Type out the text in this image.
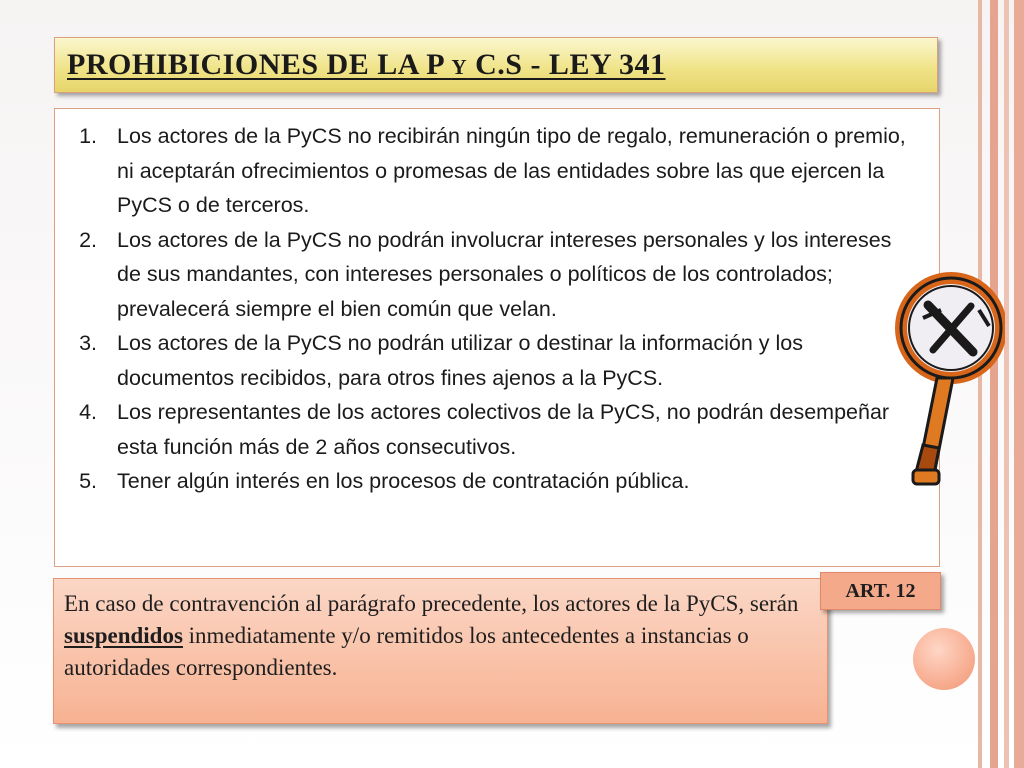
PROHIBICIONES DE LA P Y C.S - LEY 341
1. Los actores de la PyCS no recibirán ningún tipo de regalo, remuneración o premio, ni aceptarán ofrecimientos o promesas de las entidades sobre las que ejercen la PyCS o de terceros.
2. Los actores de la PyCS no podrán involucrar intereses personales y los intereses de sus mandantes, con intereses personales o políticos de los controlados; prevalecerá siempre el bien común que velan.
3. Los actores de la PyCS no podrán utilizar o destinar la información y los documentos recibidos, para otros fines ajenos a la PyCS.
4. Los representantes de los actores colectivos de la PyCS, no podrán desempeñar esta función más de 2 años consecutivos.
5. Tener algún interés en los procesos de contratación pública.
En caso de contravención al parágrafo precedente, los actores de la PyCS, serán suspendidos inmediatamente y/o remitidos los antecedentes a instancias o autoridades correspondientes.
ART. 12
